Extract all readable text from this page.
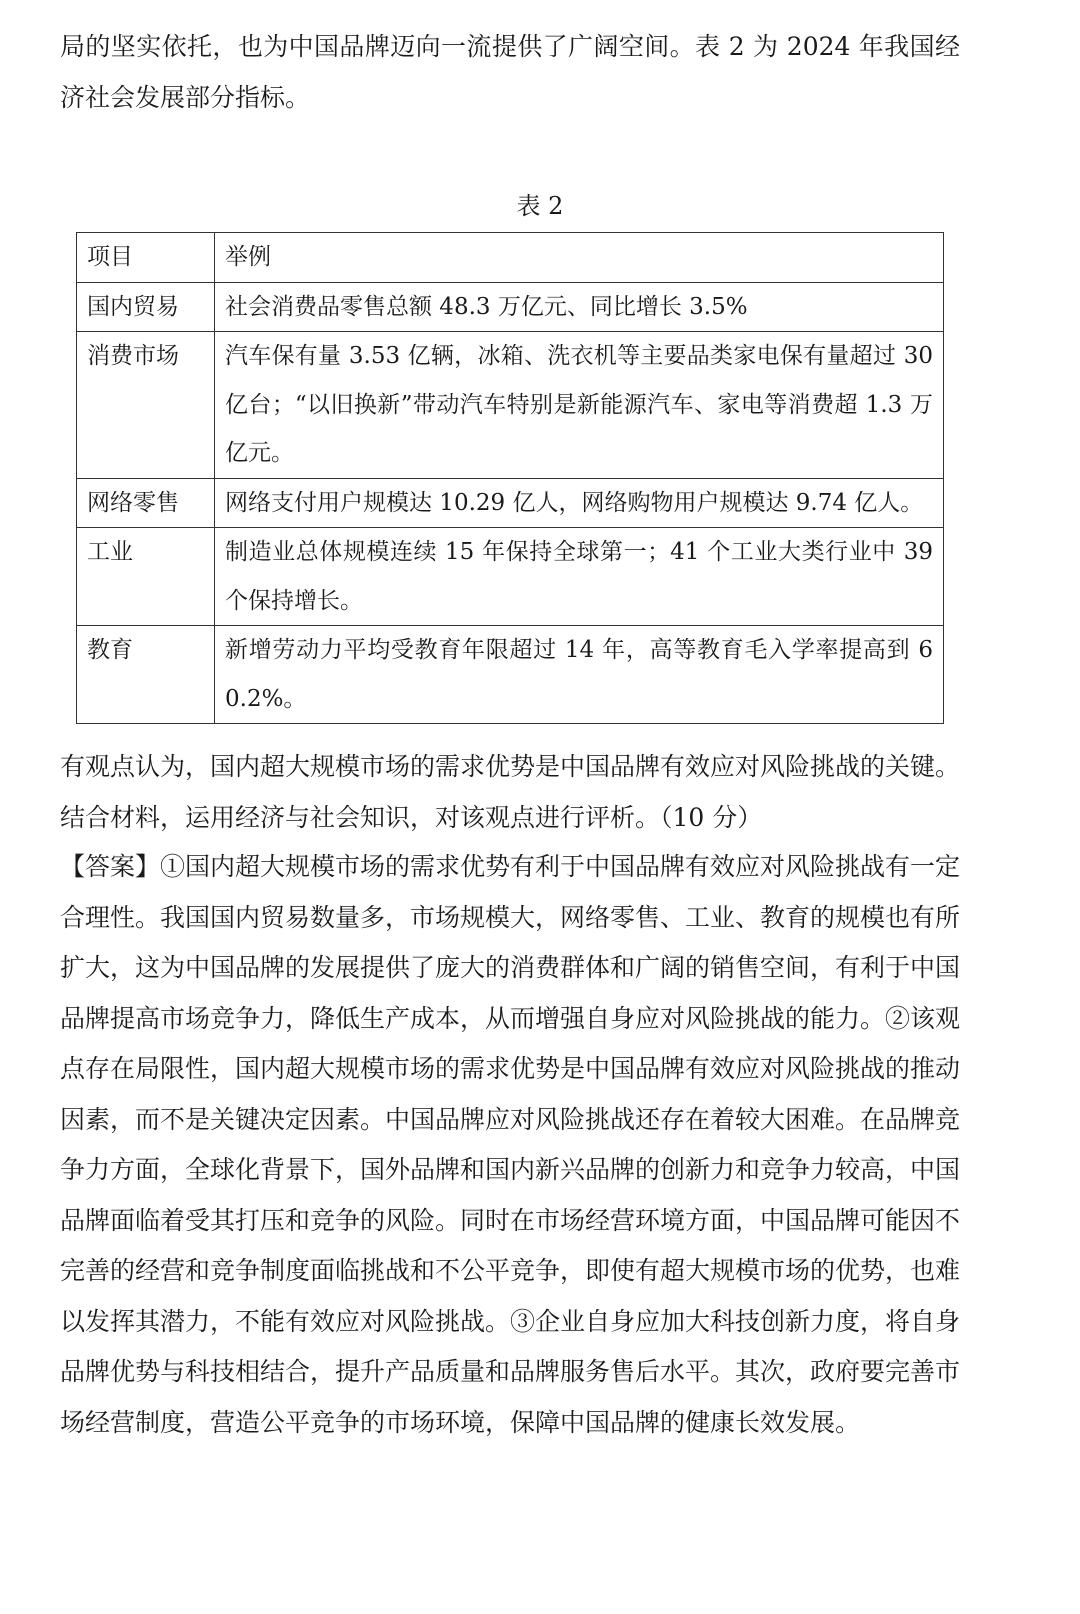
局的坚实依托，也为中国品牌迈向一流提供了广阔空间。表 2 为 2024 年我国经济社会发展部分指标。

表 2
项目	举例
国内贸易	社会消费品零售总额 48.3 万亿元、同比增长 3.5%
消费市场	汽车保有量 3.53 亿辆，冰箱、洗衣机等主要品类家电保有量超过 30 亿台；“以旧换新”带动汽车特别是新能源汽车、家电等消费超 1.3 万亿元。
网络零售	网络支付用户规模达 10.29 亿人，网络购物用户规模达 9.74 亿人。
工业	制造业总体规模连续 15 年保持全球第一；41 个工业大类行业中 39 个保持增长。
教育	新增劳动力平均受教育年限超过 14 年，高等教育毛入学率提高到 60.2%。

有观点认为，国内超大规模市场的需求优势是中国品牌有效应对风险挑战的关键。结合材料，运用经济与社会知识，对该观点进行评析。（10 分）

【答案】①国内超大规模市场的需求优势有利于中国品牌有效应对风险挑战有一定合理性。我国国内贸易数量多，市场规模大，网络零售、工业、教育的规模也有所扩大，这为中国品牌的发展提供了庞大的消费群体和广阔的销售空间，有利于中国品牌提高市场竞争力，降低生产成本，从而增强自身应对风险挑战的能力。②该观点存在局限性，国内超大规模市场的需求优势是中国品牌有效应对风险挑战的推动因素，而不是关键决定因素。中国品牌应对风险挑战还存在着较大困难。在品牌竞争力方面，全球化背景下，国外品牌和国内新兴品牌的创新力和竞争力较高，中国品牌面临着受其打压和竞争的风险。同时在市场经营环境方面，中国品牌可能因不完善的经营和竞争制度面临挑战和不公平竞争，即使有超大规模市场的优势，也难以发挥其潜力，不能有效应对风险挑战。③企业自身应加大科技创新力度，将自身品牌优势与科技相结合，提升产品质量和品牌服务售后水平。其次，政府要完善市场经营制度，营造公平竞争的市场环境，保障中国品牌的健康长效发展。
